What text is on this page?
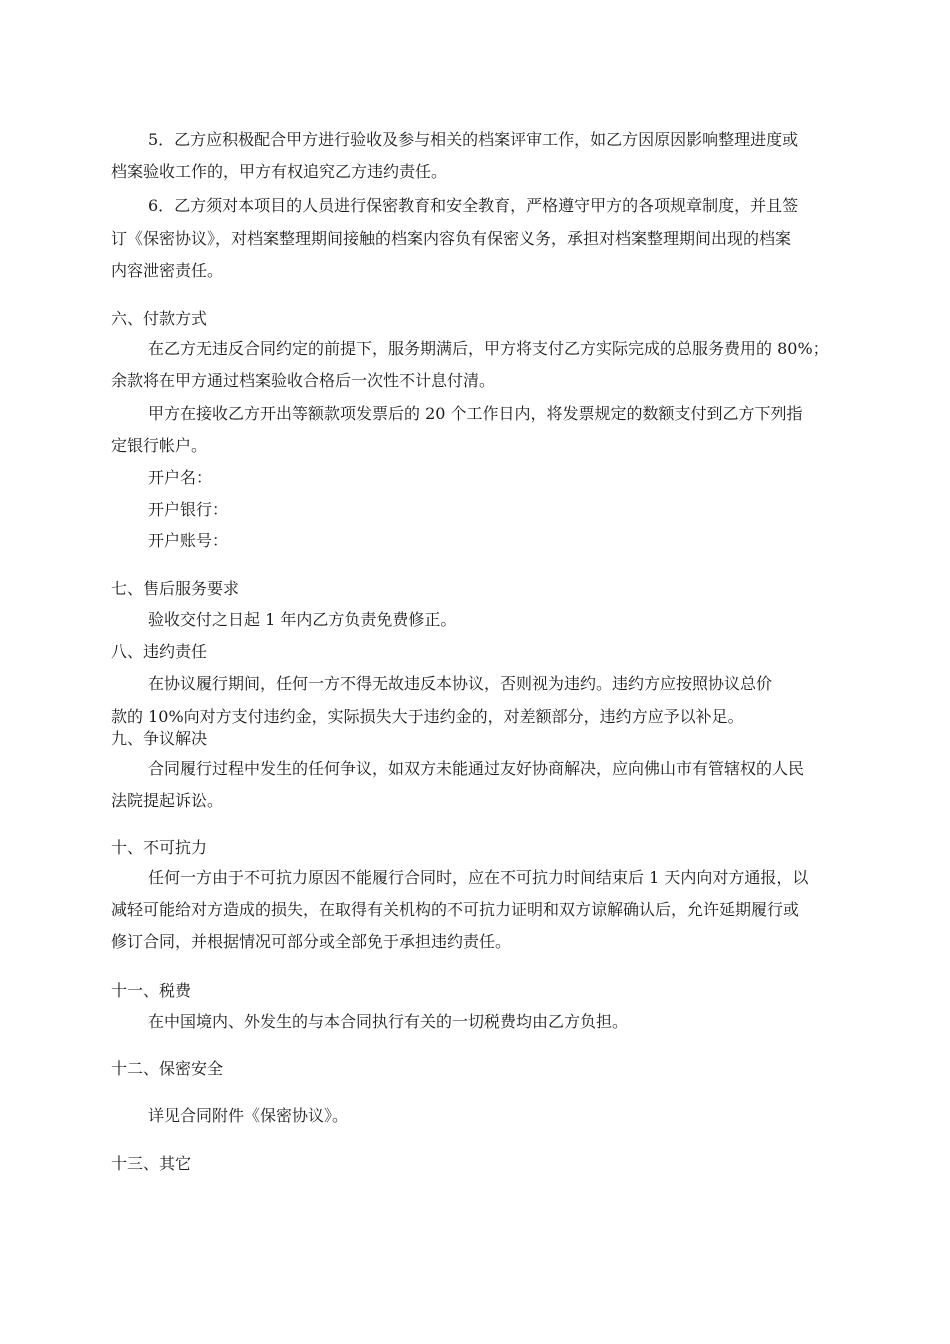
5．乙方应积极配合甲方进行验收及参与相关的档案评审工作，如乙方因原因影响整理进度或
档案验收工作的，甲方有权追究乙方违约责任。
6．乙方须对本项目的人员进行保密教育和安全教育，严格遵守甲方的各项规章制度，并且签
订《保密协议》，对档案整理期间接触的档案内容负有保密义务，承担对档案整理期间出现的档案
内容泄密责任。
六、付款方式
在乙方无违反合同约定的前提下，服务期满后，甲方将支付乙方实际完成的总服务费用的 80%；
余款将在甲方通过档案验收合格后一次性不计息付清。
甲方在接收乙方开出等额款项发票后的 20 个工作日内，将发票规定的数额支付到乙方下列指
定银行帐户。
开户名：
开户银行：
开户账号：
七、售后服务要求
验收交付之日起 1 年内乙方负责免费修正。
八、违约责任
在协议履行期间，任何一方不得无故违反本协议，否则视为违约。违约方应按照协议总价
款的 10%向对方支付违约金，实际损失大于违约金的，对差额部分，违约方应予以补足。
九、争议解决
合同履行过程中发生的任何争议，如双方未能通过友好协商解决，应向佛山市有管辖权的人民
法院提起诉讼。
十、不可抗力
任何一方由于不可抗力原因不能履行合同时，应在不可抗力时间结束后 1 天内向对方通报，以
减轻可能给对方造成的损失，在取得有关机构的不可抗力证明和双方谅解确认后，允许延期履行或
修订合同，并根据情况可部分或全部免于承担违约责任。
十一、税费
在中国境内、外发生的与本合同执行有关的一切税费均由乙方负担。
十二、保密安全
详见合同附件《保密协议》。
十三、其它
